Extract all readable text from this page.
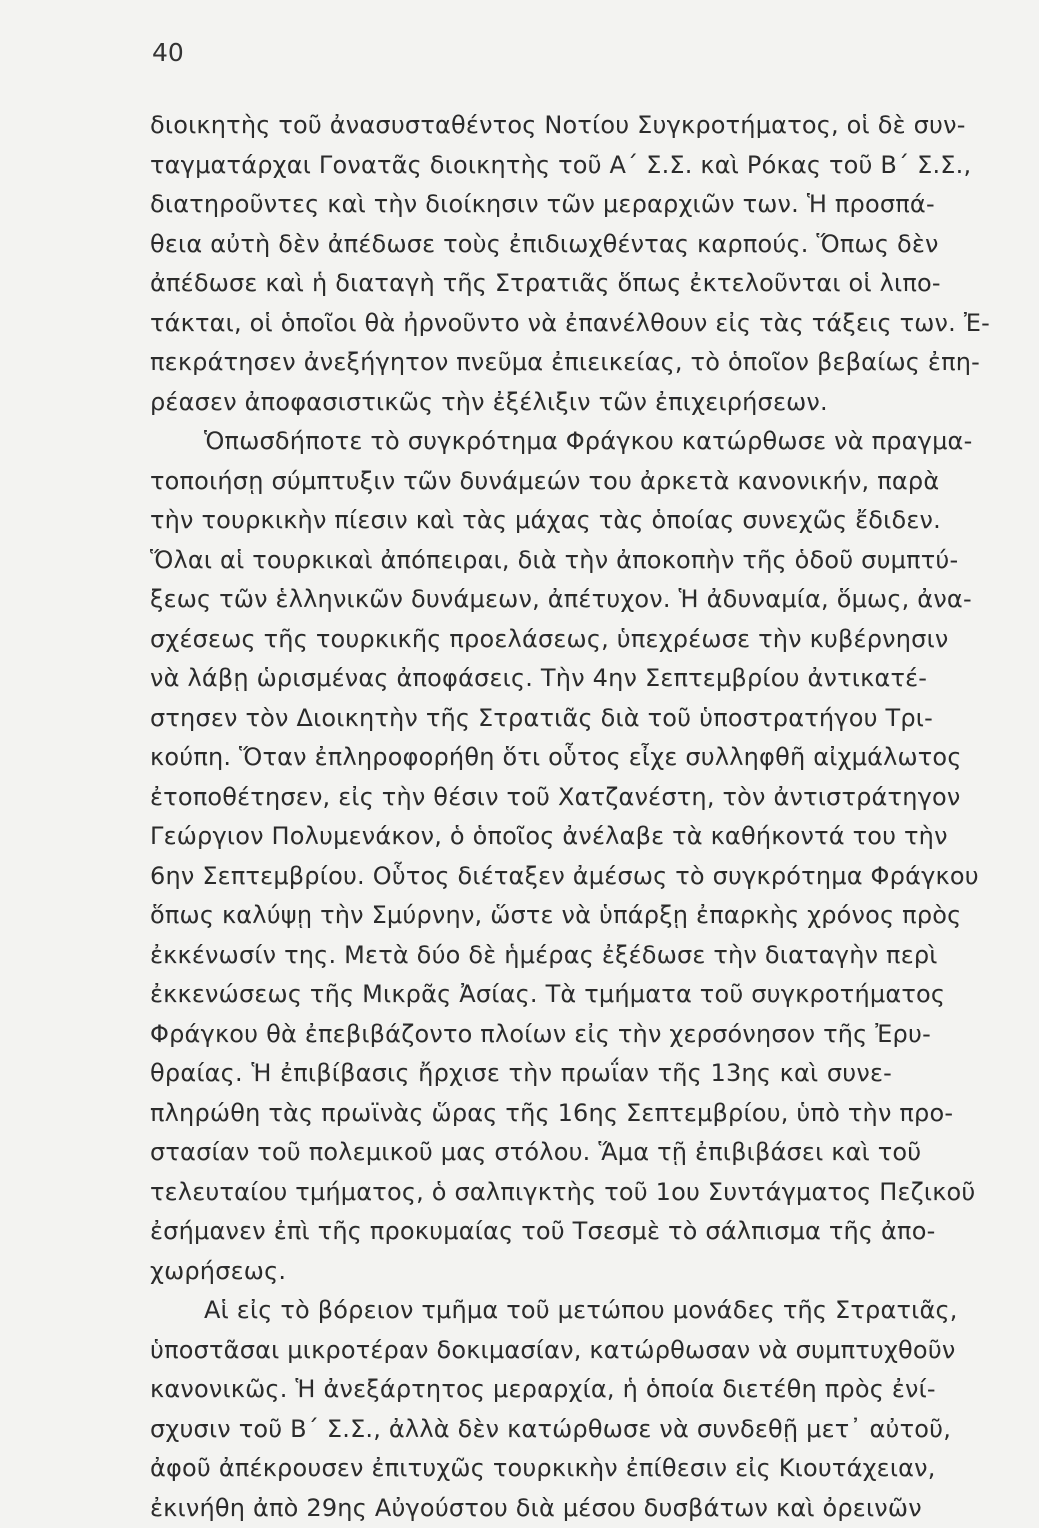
40
διοικητὴς τοῦ ἀνασυσταθέντος Νοτίου Συγκροτήματος, οἱ δὲ συν-
ταγματάρχαι Γονατᾶς διοικητὴς τοῦ Α΄ Σ.Σ. καὶ Ρόκας τοῦ Β΄ Σ.Σ.,
διατηροῦντες καὶ τὴν διοίκησιν τῶν μεραρχιῶν των. Ἡ προσπά-
θεια αὐτὴ δὲν ἀπέδωσε τοὺς ἐπιδιωχθέντας καρπούς. Ὅπως δὲν
ἀπέδωσε καὶ ἡ διαταγὴ τῆς Στρατιᾶς ὅπως ἐκτελοῦνται οἱ λιπο-
τάκται, οἱ ὁποῖοι θὰ ἠρνοῦντο νὰ ἐπανέλθουν εἰς τὰς τάξεις των. Ἐ-
πεκράτησεν ἀνεξήγητον πνεῦμα ἐπιεικείας, τὸ ὁποῖον βεβαίως ἐπη-
ρέασεν ἀποφασιστικῶς τὴν ἐξέλιξιν τῶν ἐπιχειρήσεων.
Ὁπωσδήποτε τὸ συγκρότημα Φράγκου κατώρθωσε νὰ πραγμα-
τοποιήσῃ σύμπτυξιν τῶν δυνάμεών του ἀρκετὰ κανονικήν, παρὰ
τὴν τουρκικὴν πίεσιν καὶ τὰς μάχας τὰς ὁποίας συνεχῶς ἔδιδεν.
Ὅλαι αἱ τουρκικαὶ ἀπόπειραι, διὰ τὴν ἀποκοπὴν τῆς ὁδοῦ συμπτύ-
ξεως τῶν ἑλληνικῶν δυνάμεων, ἀπέτυχον. Ἡ ἀδυναμία, ὅμως, ἀνα-
σχέσεως τῆς τουρκικῆς προελάσεως, ὑπεχρέωσε τὴν κυβέρνησιν
νὰ λάβῃ ὡρισμένας ἀποφάσεις. Τὴν 4ην Σεπτεμβρίου ἀντικατέ-
στησεν τὸν Διοικητὴν τῆς Στρατιᾶς διὰ τοῦ ὑποστρατήγου Τρι-
κούπη. Ὅταν ἐπληροφορήθη ὅτι οὗτος εἶχε συλληφθῆ αἰχμάλωτος
ἐτοποθέτησεν, εἰς τὴν θέσιν τοῦ Χατζανέστη, τὸν ἀντιστράτηγον
Γεώργιον Πολυμενάκον, ὁ ὁποῖος ἀνέλαβε τὰ καθήκοντά του τὴν
6ην Σεπτεμβρίου. Οὗτος διέταξεν ἀμέσως τὸ συγκρότημα Φράγκου
ὅπως καλύψῃ τὴν Σμύρνην, ὥστε νὰ ὑπάρξῃ ἐπαρκὴς χρόνος πρὸς
ἐκκένωσίν της. Μετὰ δύο δὲ ἡμέρας ἐξέδωσε τὴν διαταγὴν περὶ
ἐκκενώσεως τῆς Μικρᾶς Ἀσίας. Τὰ τμήματα τοῦ συγκροτήματος
Φράγκου θὰ ἐπεβιβάζοντο πλοίων εἰς τὴν χερσόνησον τῆς Ἐρυ-
θραίας. Ἡ ἐπιβίβασις ἤρχισε τὴν πρωΐαν τῆς 13ης καὶ συνε-
πληρώθη τὰς πρωϊνὰς ὥρας τῆς 16ης Σεπτεμβρίου, ὑπὸ τὴν προ-
στασίαν τοῦ πολεμικοῦ μας στόλου. Ἅμα τῇ ἐπιβιβάσει καὶ τοῦ
τελευταίου τμήματος, ὁ σαλπιγκτὴς τοῦ 1ου Συντάγματος Πεζικοῦ
ἐσήμανεν ἐπὶ τῆς προκυμαίας τοῦ Τσεσμὲ τὸ σάλπισμα τῆς ἀπο-
χωρήσεως.
Αἱ εἰς τὸ βόρειον τμῆμα τοῦ μετώπου μονάδες τῆς Στρατιᾶς,
ὑποστᾶσαι μικροτέραν δοκιμασίαν, κατώρθωσαν νὰ συμπτυχθοῦν
κανονικῶς. Ἡ ἀνεξάρτητος μεραρχία, ἡ ὁποία διετέθη πρὸς ἐνί-
σχυσιν τοῦ Β΄ Σ.Σ., ἀλλὰ δὲν κατώρθωσε νὰ συνδεθῇ μετ᾽ αὐτοῦ,
ἀφοῦ ἀπέκρουσεν ἐπιτυχῶς τουρκικὴν ἐπίθεσιν εἰς Κιουτάχειαν,
ἐκινήθη ἀπὸ 29ης Αὐγούστου διὰ μέσου δυσβάτων καὶ ὀρεινῶν
